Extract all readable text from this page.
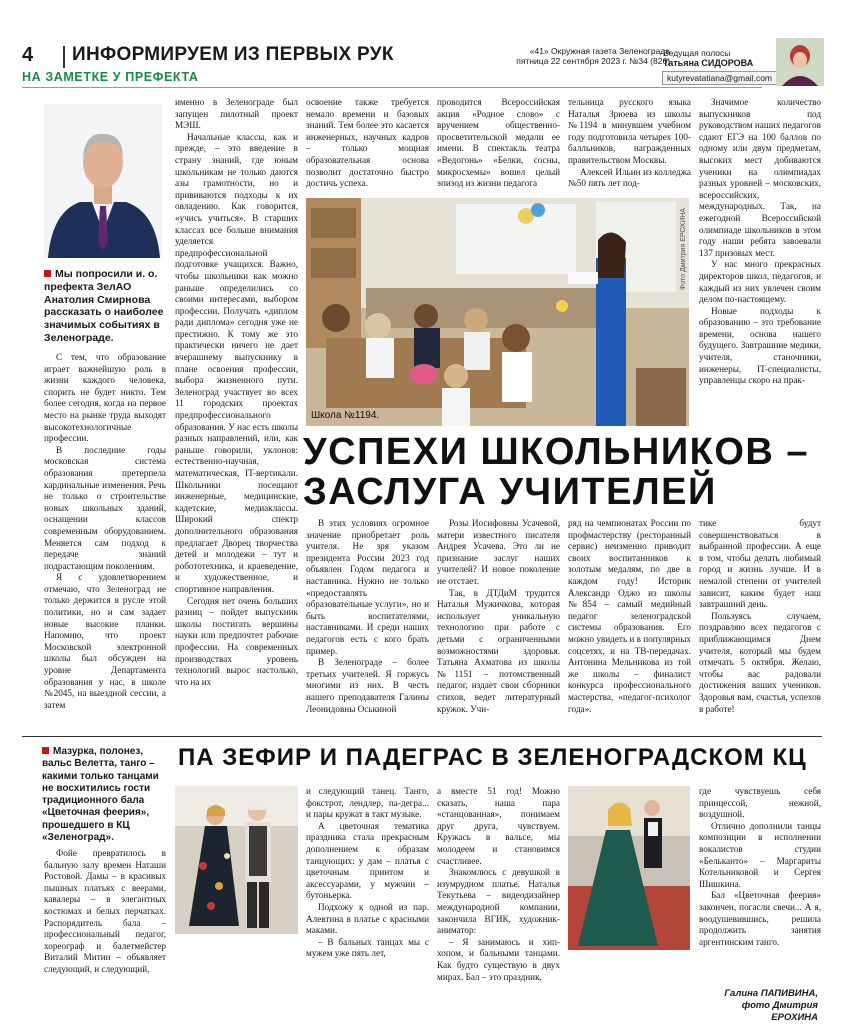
4 ИНФОРМИРУЕМ ИЗ ПЕРВЫХ РУК
НА ЗАМЕТКЕ У ПРЕФЕКТА
«41» Окружная газета Зеленограда
пятница 22 сентября 2023 г. №34 (826)
Ведущая полосы
Татьяна СИДОРОВА
kutyrevatatiana@gmail.com
Мы попросили и. о. префекта ЗелАО Анатолия Смирнова рассказать о наиболее значимых событиях в Зеленограде.

С тем, что образование играет важнейшую роль в жизни каждого человека, спорить не будет никто. Тем более сегодня, когда на первое место на рынке труда выходят высокотехнологичные профессии.

В последние годы московская система образования претерпела кардинальные изменения. Речь не только о строительстве новых школьных зданий, оснащении классов современным оборудованием. Меняется сам подход к передаче знаний подрастающим поколениям.

Я с удовлетворением отмечаю, что Зеленоград не только держится в русле этой политики, но и сам задает новые высокие планки. Напомню, что проект Московской электронной школы был обсужден на уровне Департамента образования у нас, в школе №2045, на выездной сессии, а затем

именно в Зеленограде был запущен пилотный проект МЭШ.

Начальные классы, как и прежде, – это введение в страну знаний, где юным школьникам не только даются азы грамотности, но и прививаются подходы к их овладению. Как говорится, «учись учиться». В старших классах все больше внимания уделяется предпрофессиональной подготовке учащихся. Важно, чтобы школьники как можно раньше определились со своими интересами, выбором профессии. Получать «диплом ради диплома» сегодня уже не престижно. К тому же это практически ничего не дает вчерашнему выпускнику в плане освоения профессии, выбора жизненного пути. Зеленоград участвует во всех 11 городских проектах предпрофессионального образования. У нас есть школы разных направлений, или, как раньше говорили, уклонов: естественно-научная, математическая, IT-вертикали. Школьники посещают инженерные, медицинские, кадетские, медиаклассы. Широкий спектр дополнительного образования предлагает Дворец творчества детей и молодежи – тут и робототехника, и краеведение, и художественное, и спортивное направления.

Сегодня нет очень больших разниц – пойдет выпускник школы постигать вершины науки или предпочтет рабочие профессии. На современных производствах уровень технологий вырос настолько, что на их

освоение также требуется немало времени и базовых знаний. Тем более это касается инженерных, научных кадров – только мощная образовательная основа позволит достаточно быстро достичь успеха.

проводится Всероссийская акция «Родное слово» с вручением общественно-просветительской медали ее имени. В спектакль театра «Ведогонь» «Белки, сосны, микросхемы» вошел целый эпизод из жизни педагога

тельница русского языка Наталья Зрюева из школы №1194 в минувшем учебном году подготовила четырех 100-балльников, награжденных правительством Москвы.

Алексей Ильин из колледжа №50 пять лет под-

Значимое количество выпускников под руководством наших педагогов сдают ЕГЭ на 100 баллов по одному или двум предметам, высоких мест добиваются ученики на олимпиадах разных уровней – московских, всероссийских, международных. Так, на ежегодной Всероссийской олимпиаде школьников в этом году наши ребята завоевали 137 призовых мест.

У нас много прекрасных директоров школ, педагогов, и каждый из них увлечен своим делом по-настоящему.

Новые подходы к образованию – это требование времени, основа нашего будущего. Завтрашние медики, учителя, станочники, инженеры, IT-специалисты, управленцы скоро на прак-

Школа №1194.
Фото Дмитрия ЕРОХИНА
УСПЕХИ ШКОЛЬНИКОВ –
ЗАСЛУГА УЧИТЕЛЕЙ

В этих условиях огромное значение приобретает роль учителя. Не зря указом президента России 2023 год объявлен Годом педагога и наставника. Нужно не только «предоставлять образовательные услуги», но и быть воспитателями, наставниками. И среди наших педагогов есть с кого брать пример.

В Зеленограде – более третьих учителей. Я горжусь многими из них. В честь нашего преподавателя Галины Леонидовны Оськиной

Розы Иосифовны Усачевой, матери известного писателя Андрея Усачева. Это ли не признание заслуг наших учителей? И новое поколение не отстает.

Так, в ДТДиМ трудится Наталья Мужичкова, которая использует уникальную технологию при работе с детьми с ограниченными возможностями здоровья. Татьяна Ахматова из школы №1151 – потомственный педагог, издает свои сборники стихов, ведет литературный кружок. Учи-

ряд на чемпионатах России по профмастерству (ресторанный сервис) неизменно приводит своих воспитанников к золотым медалям, по две в каждом году! Историк Александр Оджо из школы №854 – самый медийный педагог зеленоградской системы образования. Его можно увидеть и в популярных соцсетях, и на ТВ-передачах. Антонина Мельникова из той же школы – финалист конкурса профессионального мастерства, «педагог-психолог года».

тике будут совершенствоваться в выбранной профессии. А еще в том, чтобы делать любимый город и жизнь лучше. И в немалой степени от учителей зависит, каким будет наш завтрашний день.

Пользуясь случаем, поздравляю всех педагогов с приближающимся Днем учителя, который мы будем отмечать 5 октября. Желаю, чтобы вас радовали достижения ваших учеников. Здоровья вам, счастья, успехов в работе!

Мазурка, полонез, вальс Велетта, танго – какими только танцами не восхитились гости традиционного бала «Цветочная феерия», прошедшего в КЦ «Зеленоград».
ПА ЗЕФИР И ПАДЕГРАС В ЗЕЛЕНОГРАДСКОМ КЦ

Фойе превратилось в бальную залу времен Наташи Ростовой. Дамы – в красивых пышных платьях с веерами, кавалеры – в элегантных костюмах и белых перчатках. Распорядитель бала – профессиональный педагог, хореограф и балетмейстер Виталий Митин – объявляет следующий, и следующий,

и следующий танец. Танго, фокстрот, лендлер, па-дегра... и пары кружат в такт музыке.

А цветочная тематика праздника стала прекрасным дополнением к образам танцующих: у дам – платья с цветочным принтом и аксессуарами, у мужчин – бутоньерка.

Подхожу к одной из пар. Алевтина в платье с красными маками.

– В бальных танцах мы с мужем уже пять лет,

а вместе 51 год! Можно сказать, наша пара «станцованная», понимаем друг друга, чувствуем. Кружась в вальсе, мы молодеем и становимся счастливее.

Знакомлюсь с девушкой в изумрудном платье. Наталья Текутьева – видеодизайнер международной компании, закончила ВГИК, художник-аниматор:

– Я занимаюсь и хип-хопом, и бальными танцами. Как будто существую в двух мирах. Бал – это праздник,

где чувствуешь себя принцессой, нежной, воздушной.

Отлично дополнили танцы композиции в исполнении вокалистов студии «Бельканто» – Маргариты Котельниковой и Сергея Шишкина.

Бал «Цветочная феерия» закончен, погасли свечи... А я, воодушевившись, решила продолжить занятия аргентинским танго.

Галина ПАПИВИНА,
фото Дмитрия ЕРОХИНА
